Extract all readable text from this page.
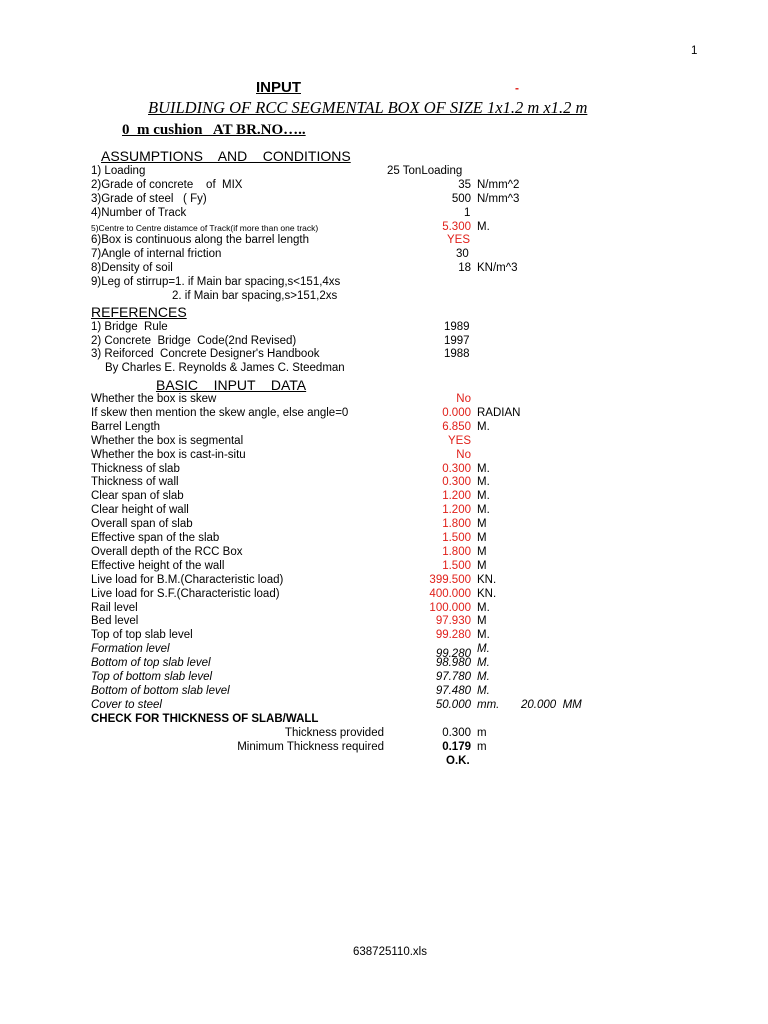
1
INPUT	-
BUILDING OF RCC SEGMENTAL BOX OF SIZE 1x1.2 m x1.2 m
0  m cushion   AT BR.NO…..
ASSUMPTIONS    AND    CONDITIONS
1) Loading	25 TonLoading
2)Grade of concrete    of  MIX	35 N/mm^2
3)Grade of steel   ( Fy)	500 N/mm^3
4)Number of Track	1
5)Centre to Centre distamce of Track(if more than one track)	5.300 M.
6)Box is continuous along the barrel length	YES
7)Angle of internal friction	30
8)Density of soil	18 KN/m^3
9)Leg of stirrup=1. if Main bar spacing,s<151,4xs
2. if Main bar spacing,s>151,2xs
REFERENCES
1) Bridge  Rule	1989
2) Concrete  Bridge  Code(2nd Revised)	1997
3) Reiforced  Concrete Designer's Handbook	1988
By Charles E. Reynolds & James C. Steedman
BASIC    INPUT    DATA
Whether the box is skew	No
If skew then mention the skew angle, else angle=0	0.000 RADIAN
Barrel Length	6.850 M.
Whether the box is segmental	YES
Whether the box is cast-in-situ	No
Thickness of slab	0.300 M.
Thickness of wall	0.300 M.
Clear span of slab	1.200 M.
Clear height of wall	1.200 M.
Overall span of slab	1.800 M
Effective span of the slab	1.500 M
Overall depth of the RCC Box	1.800 M
Effective height of the wall	1.500 M
Live load for B.M.(Characteristic load)	399.500 KN.
Live load for S.F.(Characteristic load)	400.000 KN.
Rail level	100.000 M.
Bed level	97.930 M
Top of top slab level	99.280 M.
Formation level	99.280 M.
Bottom of top slab level	98.980 M.
Top of bottom slab level	97.780 M.
Bottom of bottom slab level	97.480 M.
Cover to steel	50.000 mm. 20.000  MM
CHECK FOR THICKNESS OF SLAB/WALL
Thickness provided	0.300 m
Minimum Thickness required	0.179 m
O.K.
638725110.xls
